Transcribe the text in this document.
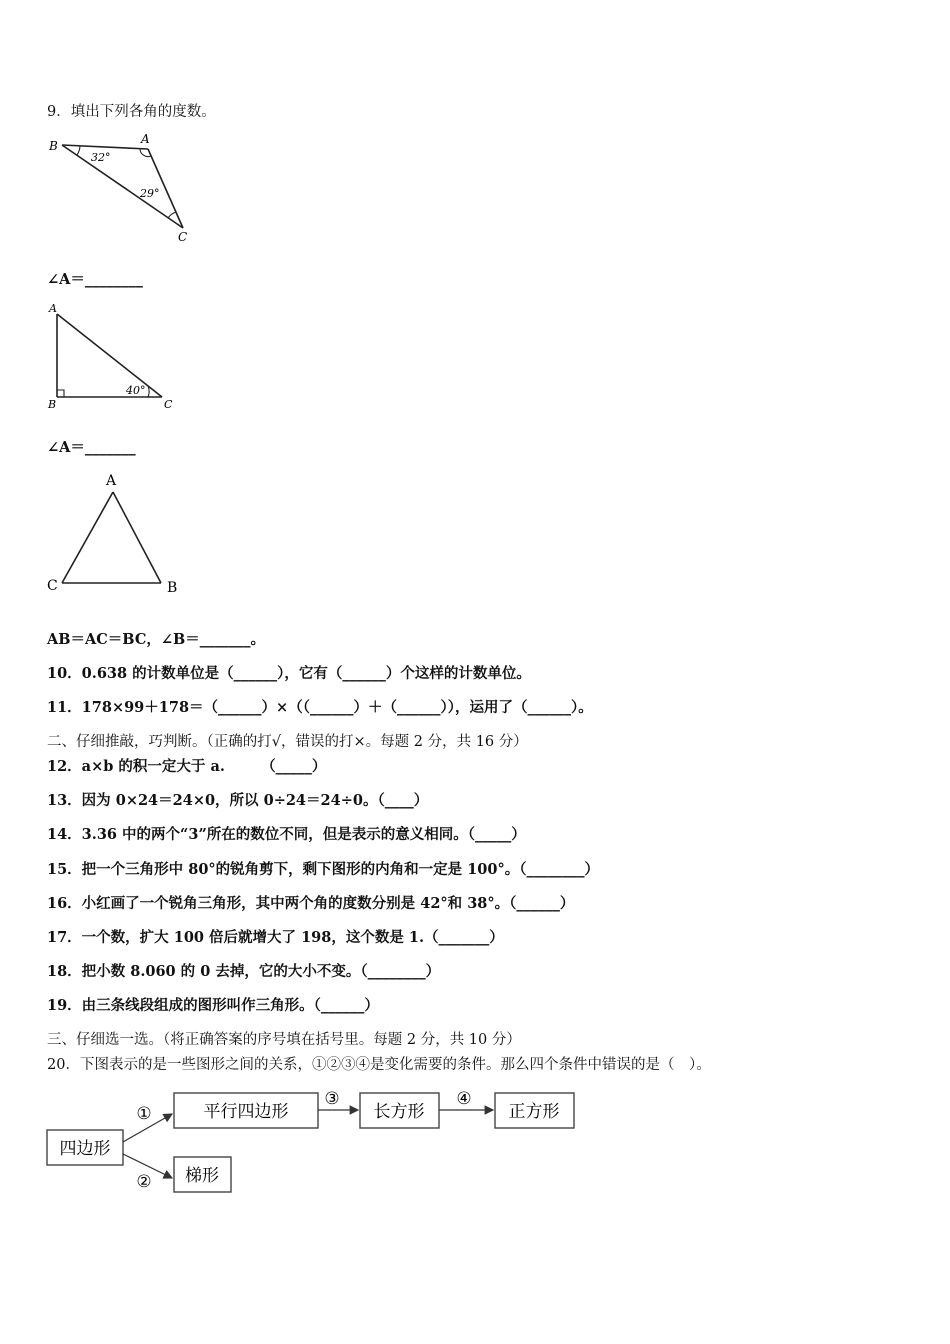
9．填出下列各角的度数。
B	A
C
32°
29°
∠A＝________
A
B	C
40°
∠A＝_______
A
C	B
AB＝AC＝BC，∠B＝_______。
10．0.638 的计数单位是（______），它有（______）个这样的计数单位。
11．178×99＋178＝（______）×（（______）＋（______）），运用了（______）。
二、仔细推敲，巧判断。（正确的打√，错误的打×。每题 2 分，共 16 分）
12．a×b 的积一定大于 a.　　　（_____）
13．因为 0×24＝24×0，所以 0÷24＝24÷0。（____）
14．3.36 中的两个“3”所在的数位不同，但是表示的意义相同。（_____）
15．把一个三角形中 80°的锐角剪下，剩下图形的内角和一定是 100°。（________）
16．小红画了一个锐角三角形，其中两个角的度数分别是 42°和 38°。（______）
17．一个数，扩大 100 倍后就增大了 198，这个数是 1.（_______）
18．把小数 8.060 的 0 去掉，它的大小不变。（________）
19．由三条线段组成的图形叫作三角形。（______）
三、仔细选一选。（将正确答案的序号填在括号里。每题 2 分，共 10 分）
20．下图表示的是一些图形之间的关系，①②③④是变化需要的条件。那么四个条件中错误的是（　）。
四边形
平行四边形	长方形	正方形
梯形
①
②
③	④
